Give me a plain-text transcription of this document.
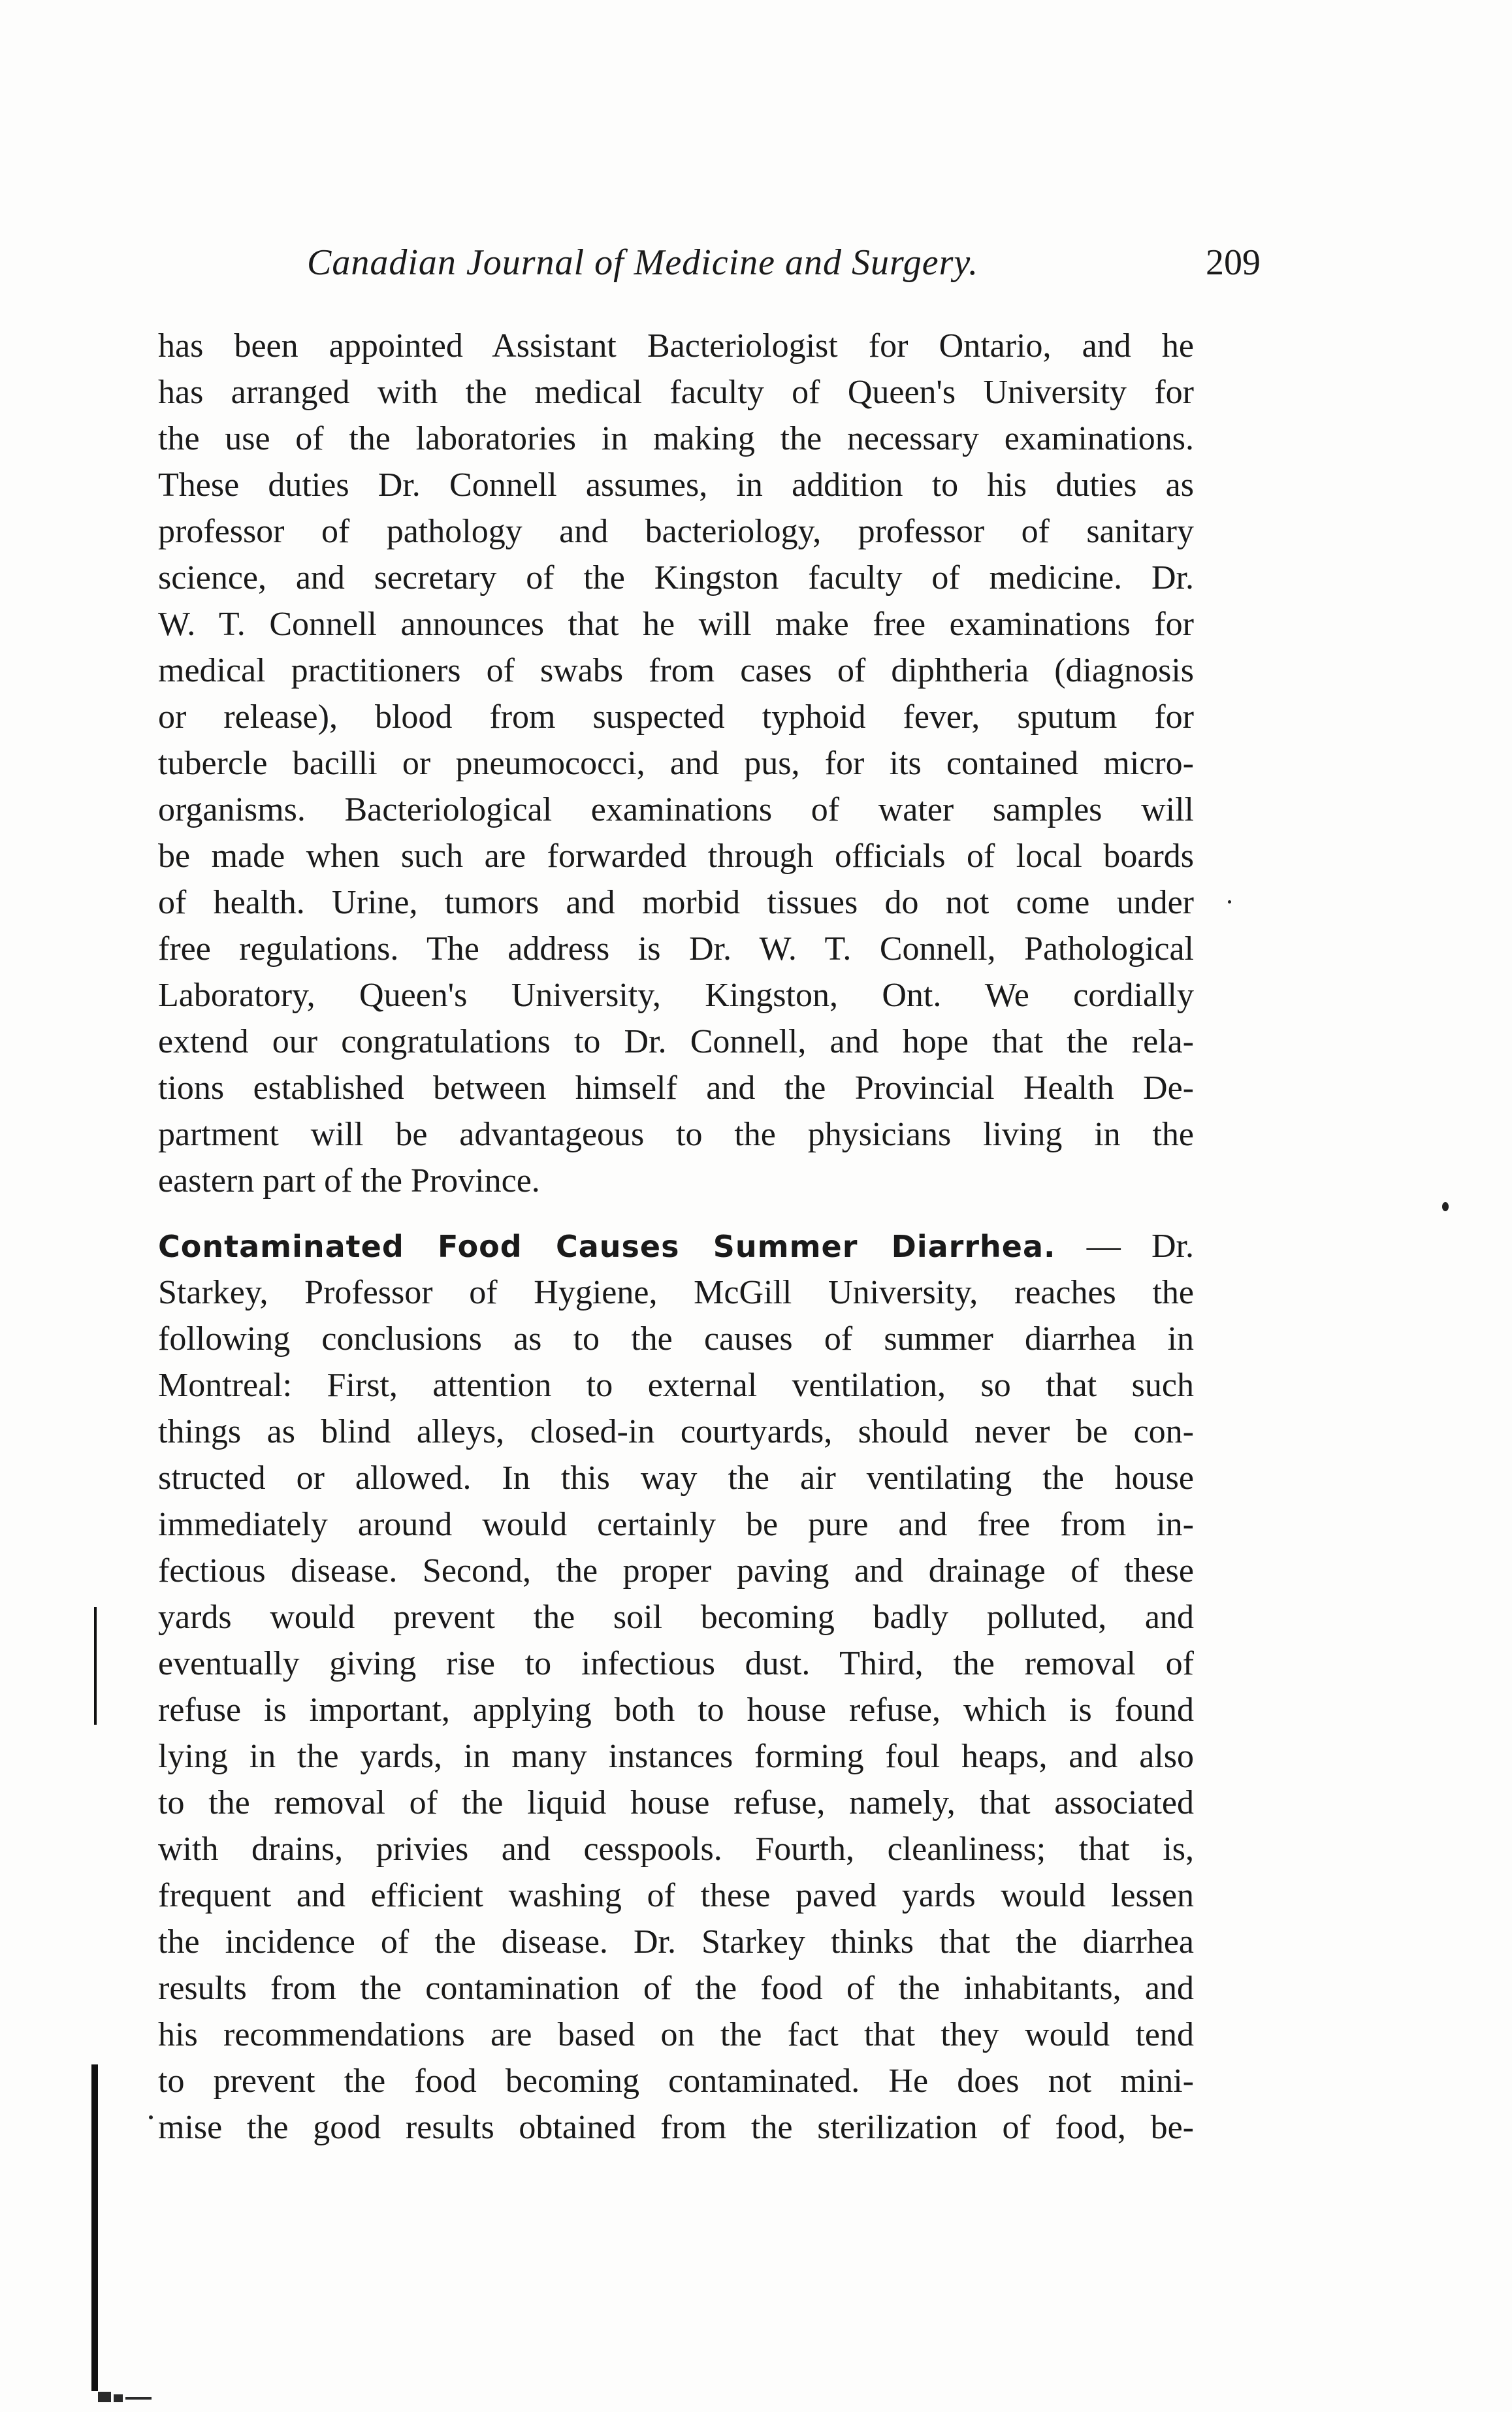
Canadian Journal of Medicine and Surgery.	209
has been appointed Assistant Bacteriologist for Ontario, and he
has arranged with the medical faculty of Queen's University for
the use of the laboratories in making the necessary examinations.
These duties Dr. Connell assumes, in addition to his duties as
professor of pathology and bacteriology, professor of sanitary
science, and secretary of the Kingston faculty of medicine. Dr.
W. T. Connell announces that he will make free examinations for
medical practitioners of swabs from cases of diphtheria (diagnosis
or release), blood from suspected typhoid fever, sputum for
tubercle bacilli or pneumococci, and pus, for its contained micro-
organisms. Bacteriological examinations of water samples will
be made when such are forwarded through officials of local boards
of health. Urine, tumors and morbid tissues do not come under
free regulations. The address is Dr. W. T. Connell, Pathological
Laboratory, Queen's University, Kingston, Ont. We cordially
extend our congratulations to Dr. Connell, and hope that the rela-
tions established between himself and the Provincial Health De-
partment will be advantageous to the physicians living in the
eastern part of the Province.
Contaminated Food Causes Summer Diarrhea. — Dr.
Starkey, Professor of Hygiene, McGill University, reaches the
following conclusions as to the causes of summer diarrhea in
Montreal: First, attention to external ventilation, so that such
things as blind alleys, closed-in courtyards, should never be con-
structed or allowed. In this way the air ventilating the house
immediately around would certainly be pure and free from in-
fectious disease. Second, the proper paving and drainage of these
yards would prevent the soil becoming badly polluted, and
eventually giving rise to infectious dust. Third, the removal of
refuse is important, applying both to house refuse, which is found
lying in the yards, in many instances forming foul heaps, and also
to the removal of the liquid house refuse, namely, that associated
with drains, privies and cesspools. Fourth, cleanliness; that is,
frequent and efficient washing of these paved yards would lessen
the incidence of the disease. Dr. Starkey thinks that the diarrhea
results from the contamination of the food of the inhabitants, and
his recommendations are based on the fact that they would tend
to prevent the food becoming contaminated. He does not mini-
mise the good results obtained from the sterilization of food, be-
